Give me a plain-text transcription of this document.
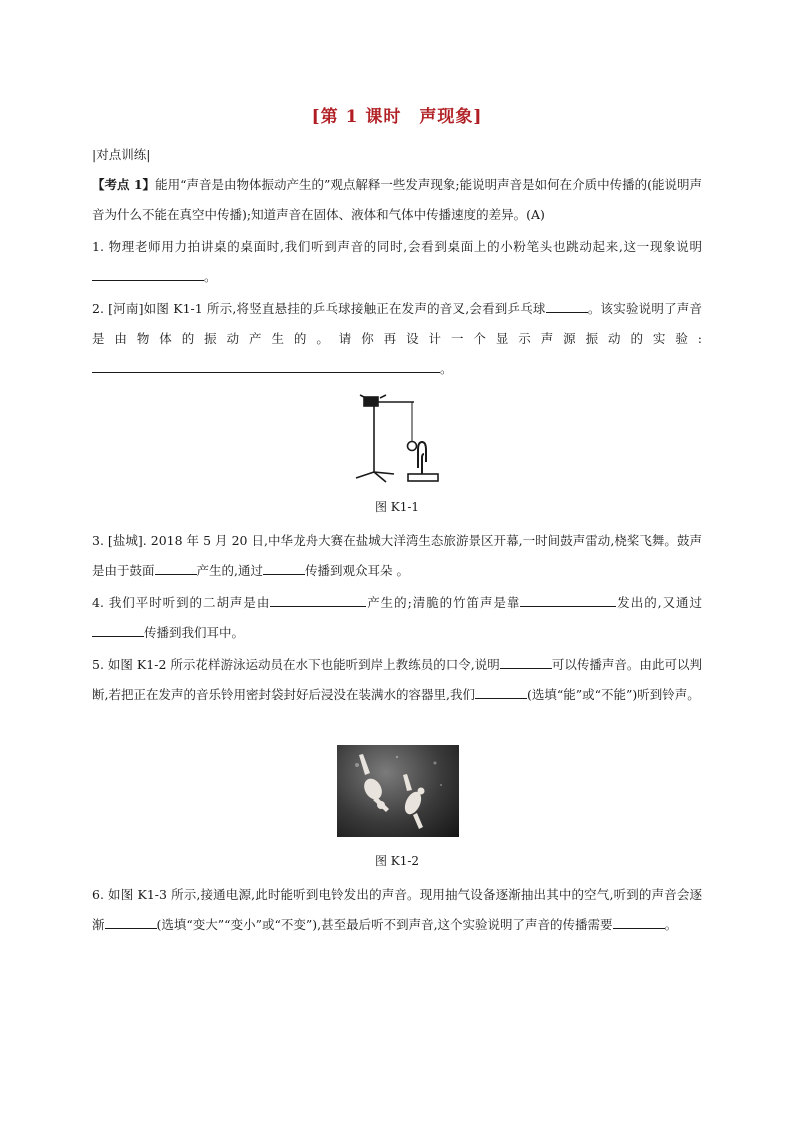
[第 1 课时　声现象]
|对点训练|

【考点 1】能用“声音是由物体振动产生的”观点解释一些发声现象;能说明声音是如何在介质中传播的(能说明声音为什么不能在真空中传播);知道声音在固体、液体和气体中传播速度的差异。(A)

1. 物理老师用力拍讲桌的桌面时,我们听到声音的同时,会看到桌面上的小粉笔头也跳动起来,这一现象说明。

2. [河南]如图 K1-1 所示,将竖直悬挂的乒乓球接触正在发声的音叉,会看到乒乓球	。该实验说明了声音是由物体的振动产生的。请你再设计一个显示声源振动的实验:。

图 K1-1

3. [盐城]. 2018 年 5 月 20 日,中华龙舟大赛在盐城大洋湾生态旅游景区开幕,一时间鼓声雷动,桡桨飞舞。鼓声是由于鼓面	产生的,通过	传播到观众耳朵 。

4. 我们平时听到的二胡声是由	产生的;清脆的竹笛声是靠	发出的,又通过传播到我们耳中。

5. 如图 K1-2 所示花样游泳运动员在水下也能听到岸上教练员的口令,说明	可以传播声音。由此可以判断,若把正在发声的音乐铃用密封袋封好后浸没在装满水的容器里,我们	(选填“能”或“不能”)听到铃声。

图 K1-2

6. 如图 K1-3 所示,接通电源,此时能听到电铃发出的声音。现用抽气设备逐渐抽出其中的空气,听到的声音会逐渐	(选填“变大”“变小”或“不变”),甚至最后听不到声音,这个实验说明了声音的传播需要	。
